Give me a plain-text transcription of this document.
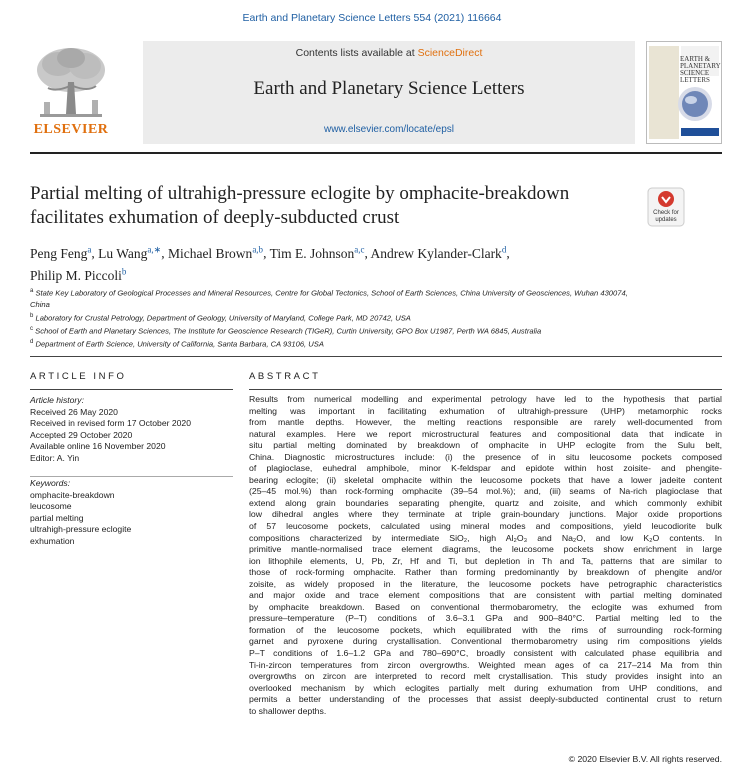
Earth and Planetary Science Letters 554 (2021) 116664
Contents lists available at ScienceDirect
Earth and Planetary Science Letters
www.elsevier.com/locate/epsl
ELSEVIER
EARTH & PLANETARY SCIENCE LETTERS
Partial melting of ultrahigh-pressure eclogite by omphacite-breakdown facilitates exhumation of deeply-subducted crust	Check for updates
Peng Feng$^a$, Lu Wang$^{a,∗}$, Michael Brown$^{a,b}$, Tim E. Johnson$^{a,c}$, Andrew Kylander-Clark$^d$,
Philip M. Piccoli$^b$
$^a$ State Key Laboratory of Geological Processes and Mineral Resources, Centre for Global Tectonics, School of Earth Sciences, China University of Geosciences, Wuhan 430074, China
$^b$ Laboratory for Crustal Petrology, Department of Geology, University of Maryland, College Park, MD 20742, USA
$^c$ School of Earth and Planetary Sciences, The Institute for Geoscience Research (TIGeR), Curtin University, GPO Box U1987, Perth WA 6845, Australia
$^d$ Department of Earth Science, University of California, Santa Barbara, CA 93106, USA
ARTICLE INFO
Article history:
Received 26 May 2020
Received in revised form 17 October 2020
Accepted 29 October 2020
Available online 16 November 2020
Editor: A. Yin
Keywords:
omphacite-breakdown
leucosome
partial melting
ultrahigh-pressure eclogite
exhumation
ABSTRACT
Results from numerical modelling and experimental petrology have led to the hypothesis that partial
melting was important in facilitating exhumation of ultrahigh-pressure (UHP) metamorphic rocks
from mantle depths. However, the melting reactions responsible are rarely well-documented from
natural examples. Here we report microstructural features and compositional data that indicate in
situ partial melting dominated by breakdown of omphacite in UHP eclogite from the Sulu belt,
China. Diagnostic microstructures include: (i) the presence of in situ leucosome pockets composed
of plagioclase, euhedral amphibole, minor K-feldspar and epidote within host zoisite- and phengite-
bearing eclogite; (ii) skeletal omphacite within the leucosome pockets that have a lower jadeite content
(25–45 mol.%) than rock-forming omphacite (39–54 mol.%); and, (iii) seams of Na-rich plagioclase that
extend along grain boundaries separating phengite, quartz and zoisite, and which commonly exhibit
low dihedral angles where they terminate at triple grain-boundary junctions. Major oxide proportions
of 57 leucosome pockets, calculated using mineral modes and compositions, yield leucodiorite bulk
compositions characterized by intermediate SiO₂, high Al₂O₃ and Na₂O, and low K₂O contents. In
primitive mantle-normalised trace element diagrams, the leucosome pockets show enrichment in large
ion lithophile elements, U, Pb, Zr, Hf and Ti, but depletion in Th and Ta, patterns that are similar to
those of rock-forming omphacite. Rather than forming predominantly by breakdown of phengite and/or
zoisite, as widely proposed in the literature, the leucosome pockets have petrographic characteristics
and major oxide and trace element compositions that are consistent with partial melting dominated
by omphacite breakdown. Based on conventional thermobarometry, the eclogite was exhumed from
pressure–temperature (P–T) conditions of 3.6–3.1 GPa and 900–840°C. Partial melting led to the
formation of the leucosome pockets, which equilibrated with the rims of surrounding rock-forming
garnet and pyroxene during crystallisation. Conventional thermobarometry using rim compositions yields
P–T conditions of 1.6–1.2 GPa and 780–690°C, broadly consistent with calculated phase equilibria and
Ti-in-zircon temperatures from zircon overgrowths. Weighted mean ages of ca 217–214 Ma from thin
overgrowths on zircon are interpreted to record melt crystallisation. This study provides insight into an
overlooked mechanism by which eclogites partially melt during exhumation from UHP conditions, and
permits a better understanding of the processes that assist deeply-subducted continental crust to return
to shallower depths.
© 2020 Elsevier B.V. All rights reserved.
